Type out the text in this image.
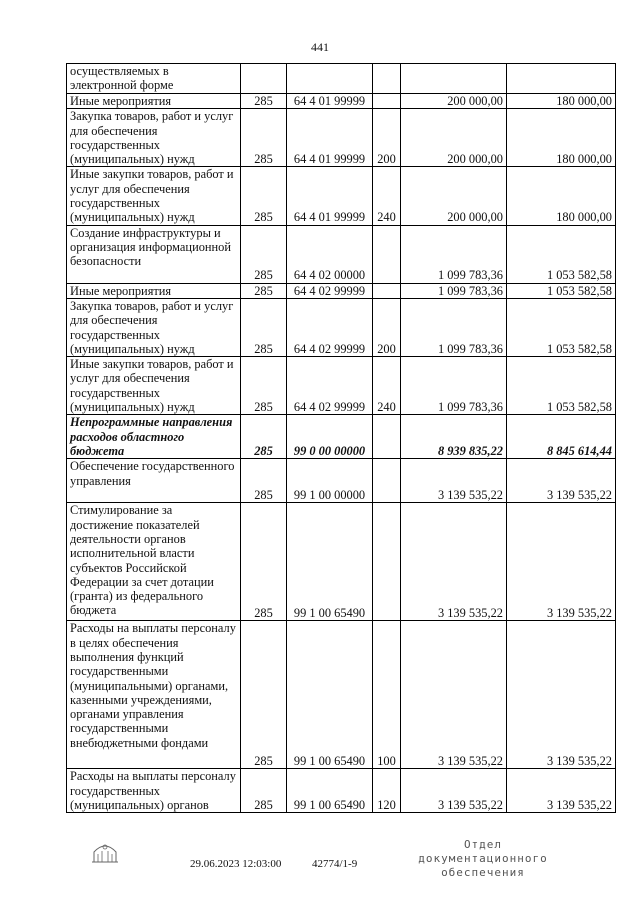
441
осуществляемых в электронной форме					
Иные мероприятия	285	64 4 01 99999		200 000,00	180 000,00
Закупка товаров, работ и услуг для обеспечения государственных (муниципальных) нужд	285	64 4 01 99999	200	200 000,00	180 000,00
Иные закупки товаров, работ и услуг для обеспечения государственных (муниципальных) нужд	285	64 4 01 99999	240	200 000,00	180 000,00
Создание инфраструктуры и организация информационной безопасности	285	64 4 02 00000		1 099 783,36	1 053 582,58
Иные мероприятия	285	64 4 02 99999		1 099 783,36	1 053 582,58
Закупка товаров, работ и услуг для обеспечения государственных (муниципальных) нужд	285	64 4 02 99999	200	1 099 783,36	1 053 582,58
Иные закупки товаров, работ и услуг для обеспечения государственных (муниципальных) нужд	285	64 4 02 99999	240	1 099 783,36	1 053 582,58
Непрограммные направления расходов областного бюджета	285	99 0 00 00000		8 939 835,22	8 845 614,44
Обеспечение государственного управления	285	99 1 00 00000		3 139 535,22	3 139 535,22
Стимулирование за достижение показателей деятельности органов исполнительной власти субъектов Российской Федерации за счет дотации (гранта) из федерального бюджета	285	99 1 00 65490		3 139 535,22	3 139 535,22
Расходы на выплаты персоналу в целях обеспечения выполнения функций государственными (муниципальными) органами, казенными учреждениями, органами управления государственными внебюджетными фондами	285	99 1 00 65490	100	3 139 535,22	3 139 535,22
Расходы на выплаты персоналу государственных (муниципальных) органов	285	99 1 00 65490	120	3 139 535,22	3 139 535,22
29.06.2023 12:03:00	42774/1-9
Отдел документационного
обеспечения
